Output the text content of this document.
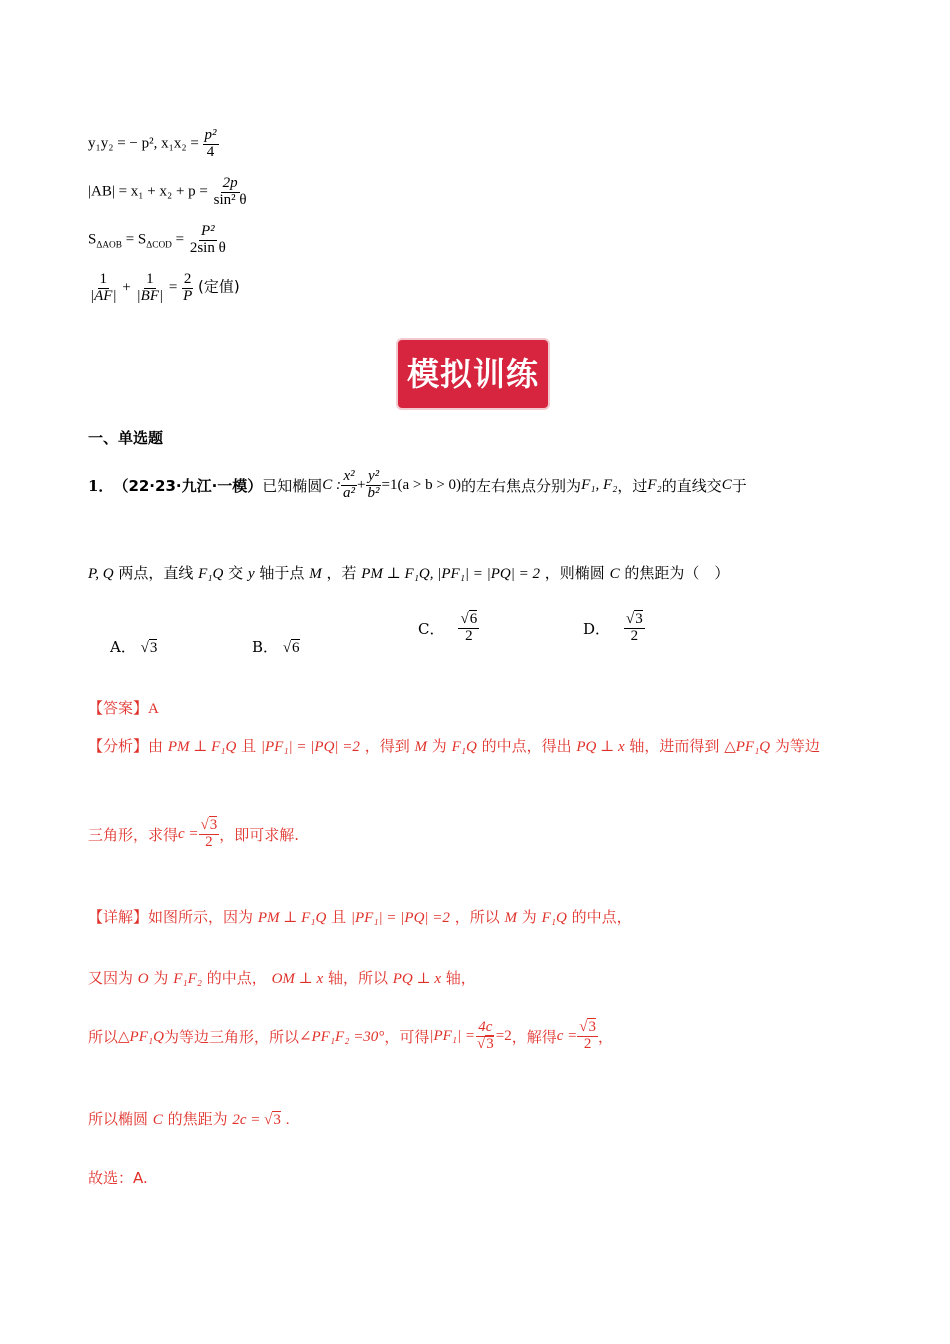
y₁y₂ = − p², $x_1x_2 = \frac{\text{p²}}{4}$
$|AB| = x_1 + x_2 + p = \frac{2p}{\text{sin² θ}}$
$S_{\Delta AOB} = S_{\Delta COD} = \frac{\text{P²}}{\text{2sin θ}}$
$\frac{1}{|AF|} + \frac{1}{|BF|} = \frac{2}{P}$ (定值)
模拟训练
一、单选题
1． （22·23·九江·一模） 已知椭圆 C : $\frac{\text{x²}}{\text{a²}} + \frac{\text{y²}}{\text{b²}} =1(a > b > 0)$ 的左右焦点分别为 F₁, F₂ ，过 F₂ 的直线交 C 于
P, Q 两点，直线 F₁Q 交 y 轴于点 M ，若 PM ⊥ F₁Q, |PF₁| = |PQ| = 2 ，则椭圆 C 的焦距为（　）
A． √3	B． √6
C． $\frac{√6}{2}$	D． $\frac{√3}{2}$
【答案】A
【分析】由 PM ⊥ F₁Q 且 |PF₁| = |PQ| =2 ，得到 M 为 F₁Q 的中点，得出 PQ ⊥ x 轴，进而得到 △PF₁Q 为等边
三角形，求得 $c = \frac{√3}{2}$ ，即可求解.
【详解】如图所示，因为 PM ⊥ F₁Q 且 |PF₁| = |PQ| =2 ，所以 M 为 F₁Q 的中点，
又因为 O 为 F₁F₂ 的中点， OM ⊥ x 轴，所以 PQ ⊥ x 轴，
所以 △PF₁Q 为等边三角形，所以 ∠PF₁F₂ =30° ，可得 $|PF_1| = \frac{4c}{√3} =2$ ，解得 $c = \frac{√3}{2}$ ，
所以椭圆 C 的焦距为 2c = √3 .
故选：A.
